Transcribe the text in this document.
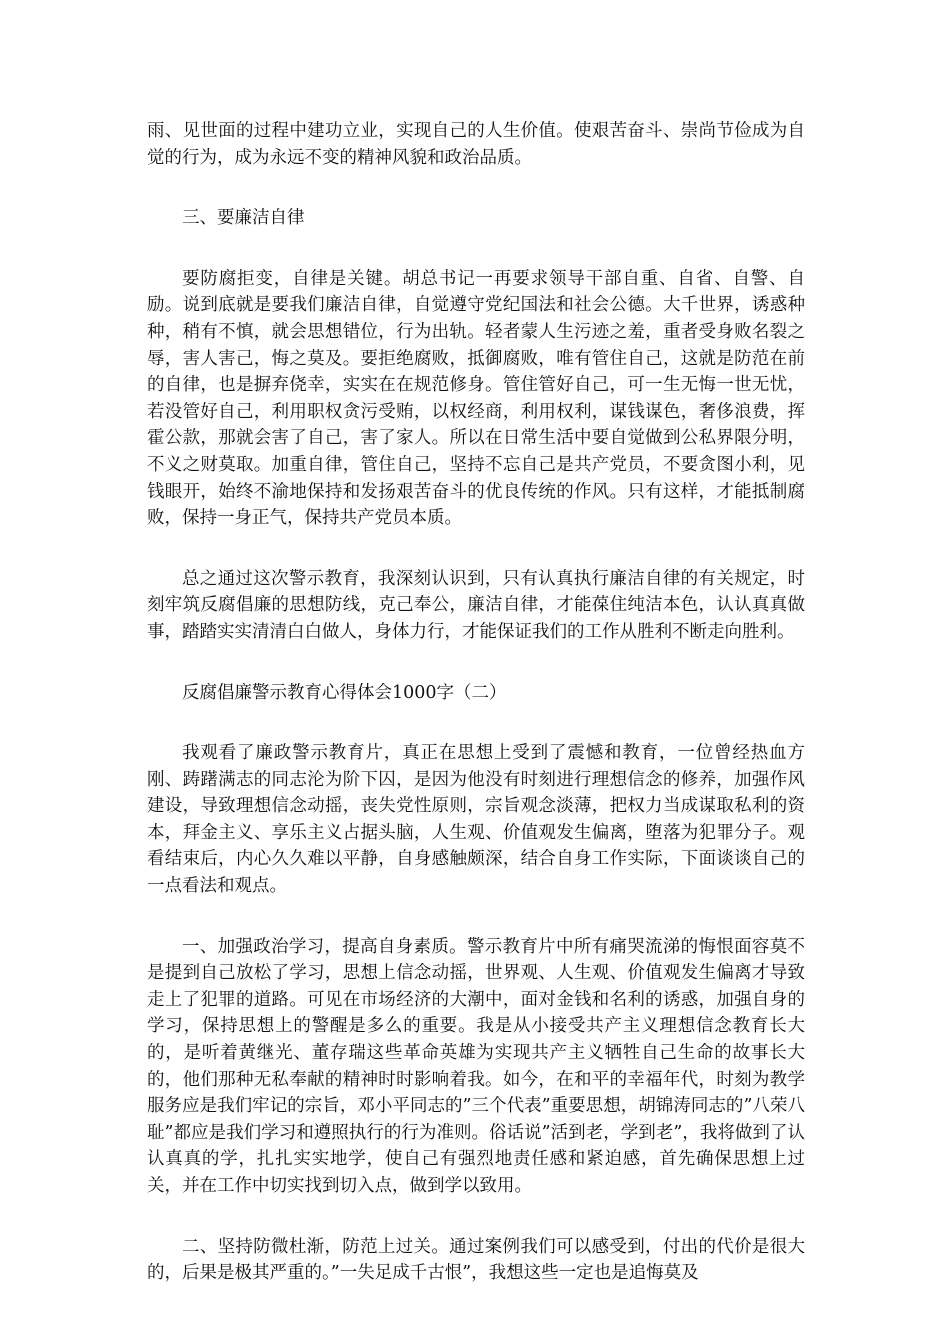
雨、见世面的过程中建功立业，实现自己的人生价值。使艰苦奋斗、崇尚节俭成为自觉的行为，成为永远不变的精神风貌和政治品质。

三、要廉洁自律

要防腐拒变，自律是关键。胡总书记一再要求领导干部自重、自省、自警、自励。说到底就是要我们廉洁自律，自觉遵守党纪国法和社会公德。大千世界，诱惑种种，稍有不慎，就会思想错位，行为出轨。轻者蒙人生污迹之羞，重者受身败名裂之辱，害人害己，悔之莫及。要拒绝腐败，抵御腐败，唯有管住自己，这就是防范在前的自律，也是摒弃侥幸，实实在在规范修身。管住管好自己，可一生无悔一世无忧，若没管好自己，利用职权贪污受贿，以权经商，利用权利，谋钱谋色，奢侈浪费，挥霍公款，那就会害了自己，害了家人。所以在日常生活中要自觉做到公私界限分明，不义之财莫取。加重自律，管住自己，坚持不忘自己是共产党员，不要贪图小利，见钱眼开，始终不渝地保持和发扬艰苦奋斗的优良传统的作风。只有这样，才能抵制腐败，保持一身正气，保持共产党员本质。

总之通过这次警示教育，我深刻认识到，只有认真执行廉洁自律的有关规定，时刻牢筑反腐倡廉的思想防线，克己奉公，廉洁自律，才能葆住纯洁本色，认认真真做事，踏踏实实清清白白做人，身体力行，才能保证我们的工作从胜利不断走向胜利。

反腐倡廉警示教育心得体会1000字（二）

我观看了廉政警示教育片，真正在思想上受到了震憾和教育，一位曾经热血方刚、踌躇满志的同志沦为阶下囚，是因为他没有时刻进行理想信念的修养，加强作风建设，导致理想信念动摇，丧失党性原则，宗旨观念淡薄，把权力当成谋取私利的资本，拜金主义、享乐主义占据头脑，人生观、价值观发生偏离，堕落为犯罪分子。观看结束后，内心久久难以平静，自身感触颇深，结合自身工作实际，下面谈谈自己的一点看法和观点。

一、加强政治学习，提高自身素质。警示教育片中所有痛哭流涕的悔恨面容莫不是提到自己放松了学习，思想上信念动摇，世界观、人生观、价值观发生偏离才导致走上了犯罪的道路。可见在市场经济的大潮中，面对金钱和名利的诱惑，加强自身的学习，保持思想上的警醒是多么的重要。我是从小接受共产主义理想信念教育长大的，是听着黄继光、董存瑞这些革命英雄为实现共产主义牺牲自己生命的故事长大的，他们那种无私奉献的精神时时影响着我。如今，在和平的幸福年代，时刻为教学服务应是我们牢记的宗旨，邓小平同志的”三个代表”重要思想，胡锦涛同志的”八荣八耻”都应是我们学习和遵照执行的行为准则。俗话说”活到老，学到老”，我将做到了认认真真的学，扎扎实实地学，使自己有强烈地责任感和紧迫感，首先确保思想上过关，并在工作中切实找到切入点，做到学以致用。

二、坚持防微杜渐，防范上过关。通过案例我们可以感受到，付出的代价是很大的，后果是极其严重的。”一失足成千古恨”，我想这些一定也是追悔莫及
